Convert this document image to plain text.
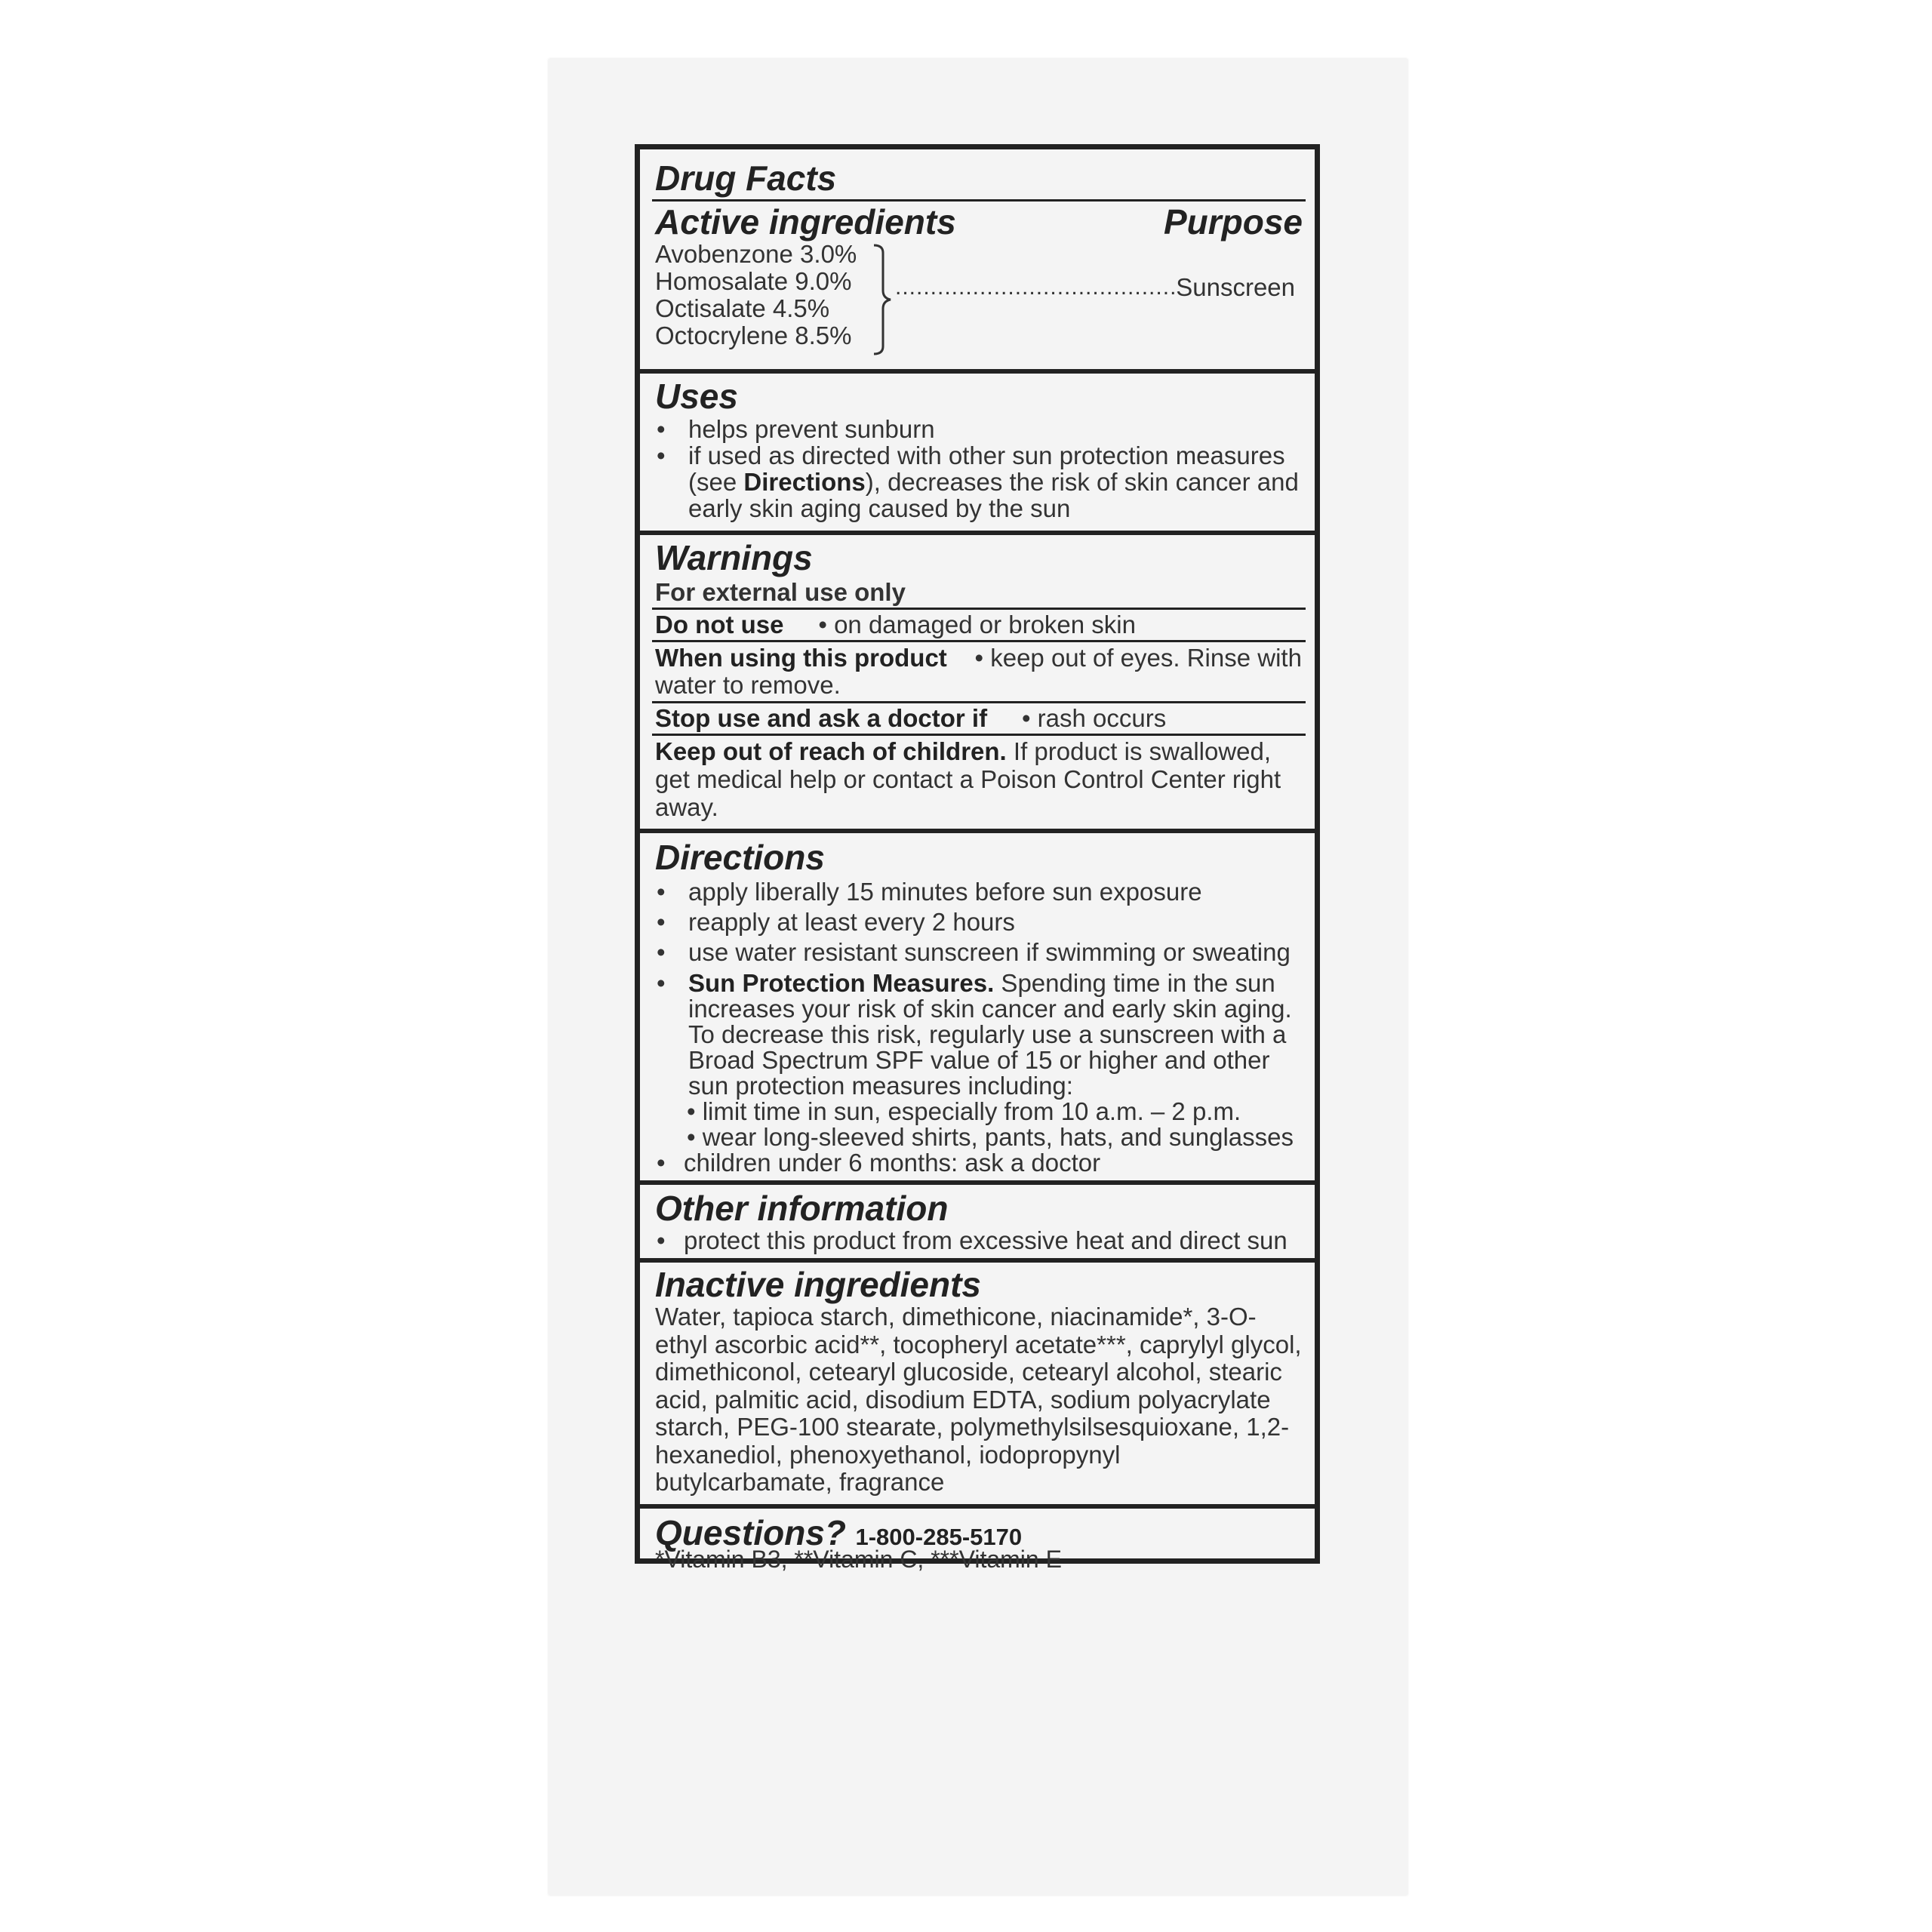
Drug Facts
Active ingredients	Purpose
Avobenzone 3.0%
Homosalate 9.0%
Octisalate 4.5%
Octocrylene 8.5%
........................................
Sunscreen
Uses
• helps prevent sunburn
• if used as directed with other sun protection measures (see Directions), decreases the risk of skin cancer and early skin aging caused by the sun
Warnings
For external use only
Do not use • on damaged or broken skin
When using this product • keep out of eyes. Rinse with water to remove.
Stop use and ask a doctor if • rash occurs
Keep out of reach of children. If product is swallowed, get medical help or contact a Poison Control Center right away.
Directions
• apply liberally 15 minutes before sun exposure
• reapply at least every 2 hours
• use water resistant sunscreen if swimming or sweating
• Sun Protection Measures. Spending time in the sun increases your risk of skin cancer and early skin aging. To decrease this risk, regularly use a sunscreen with a Broad Spectrum SPF value of 15 or higher and other sun protection measures including:
• limit time in sun, especially from 10 a.m. – 2 p.m.
• wear long-sleeved shirts, pants, hats, and sunglasses
• children under 6 months: ask a doctor
Other information
• protect this product from excessive heat and direct sun
Inactive ingredients
Water, tapioca starch, dimethicone, niacinamide*, 3-O-ethyl ascorbic acid**, tocopheryl acetate***, caprylyl glycol, dimethiconol, cetearyl glucoside, cetearyl alcohol, stearic acid, palmitic acid, disodium EDTA, sodium polyacrylate starch, PEG-100 stearate, polymethylsilsesquioxane, 1,2-hexanediol, phenoxyethanol, iodopropynyl butylcarbamate, fragrance
Questions? 1-800-285-5170
*Vitamin B3, **Vitamin C, ***Vitamin E
